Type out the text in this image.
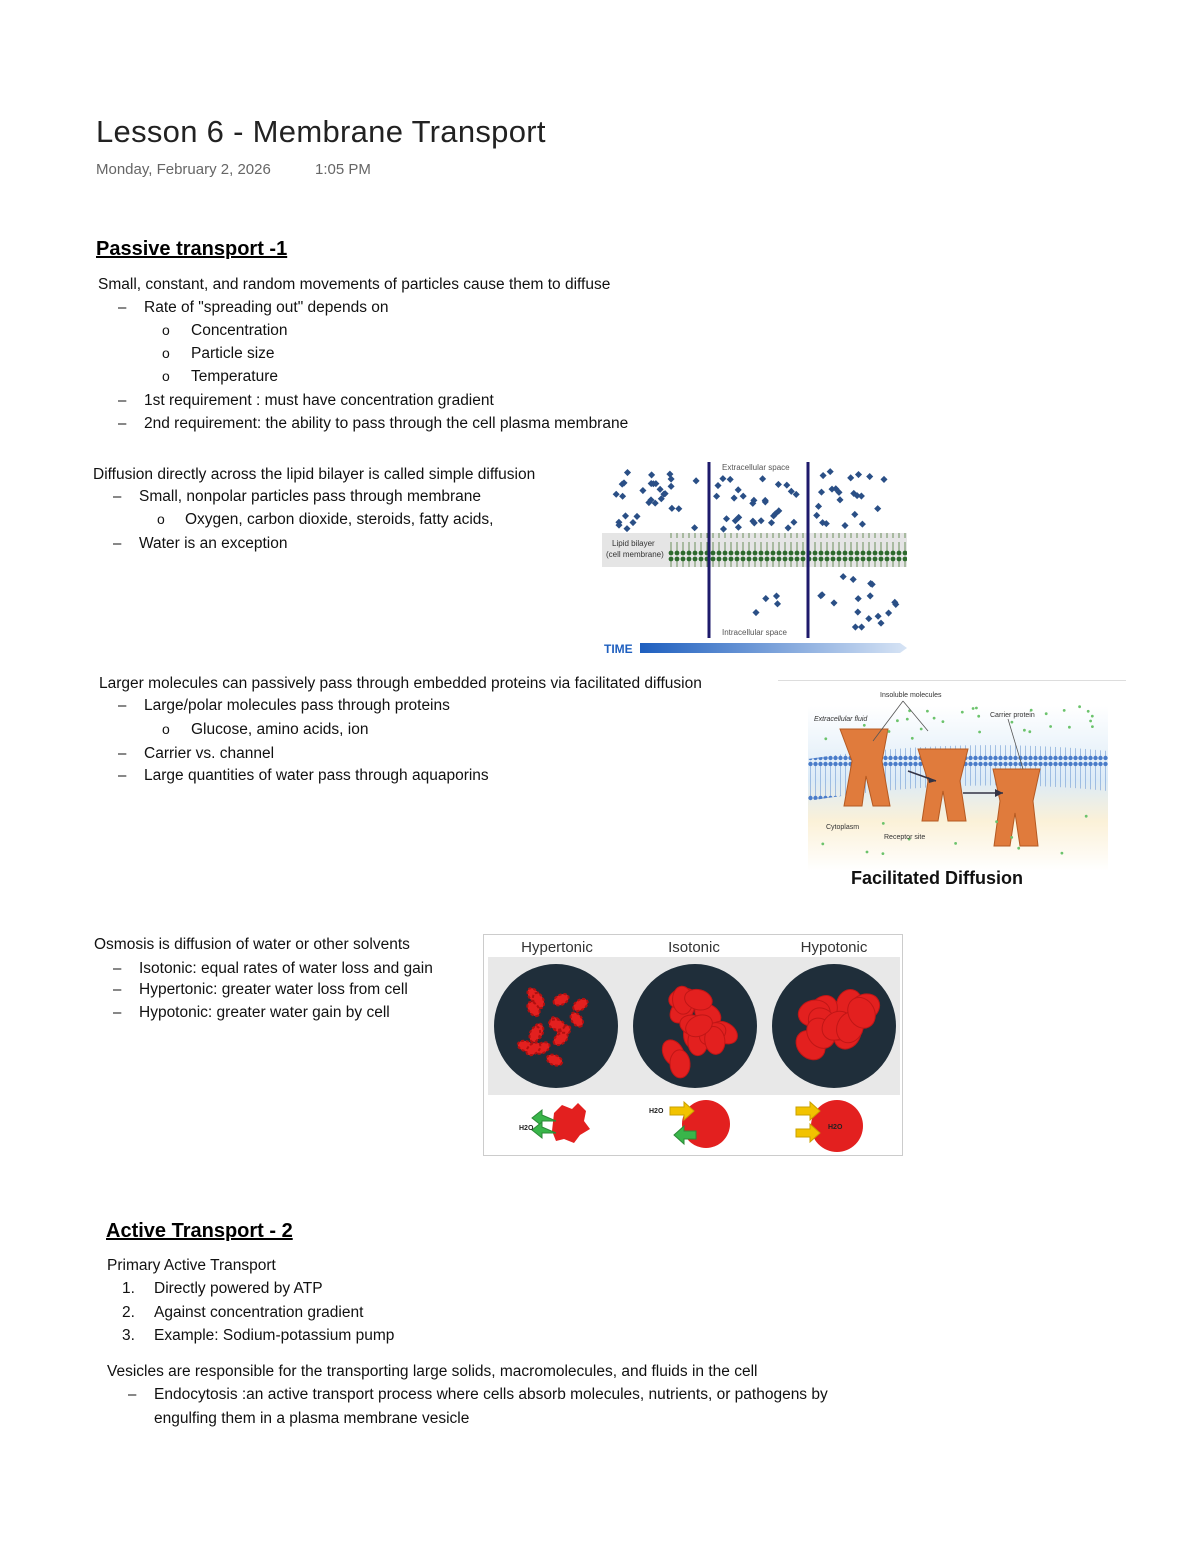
Lesson 6 - Membrane Transport
Monday, February 2, 2026	1:05 PM
Passive transport -1
Small, constant, and random movements of particles cause them to diffuse
– Rate of "spreading out" depends on
o Concentration
o Particle size
o Temperature
– 1st requirement : must have concentration gradient
– 2nd requirement: the ability to pass through the cell plasma membrane
Diffusion directly across the lipid bilayer is called simple diffusion
– Small, nonpolar particles pass through membrane
o Oxygen, carbon dioxide, steroids, fatty acids,
– Water is an exception
Extracellular space
Lipid bilayer
(cell membrane)
Intracellular space
TIME
Larger molecules can passively pass through embedded proteins via facilitated diffusion
– Large/polar molecules pass through proteins
o Glucose, amino acids, ion
– Carrier vs. channel
– Large quantities of water pass through aquaporins
Insoluble molecules
Extracellular fluid
Carrier protein
Cytoplasm
Receptor site
Facilitated Diffusion
Osmosis is diffusion of water or other solvents
– Isotonic: equal rates of water loss and gain
– Hypertonic: greater water loss from cell
– Hypotonic: greater water gain by cell
Hypertonic	Isotonic	Hypotonic
H2O
H2O
H2O
Active Transport - 2
Primary Active Transport
1. Directly powered by ATP
2. Against concentration gradient
3. Example: Sodium-potassium pump
Vesicles are responsible for the transporting large solids, macromolecules, and fluids in the cell
– Endocytosis :an active transport process where cells absorb molecules, nutrients, or pathogens by
engulfing them in a plasma membrane vesicle
